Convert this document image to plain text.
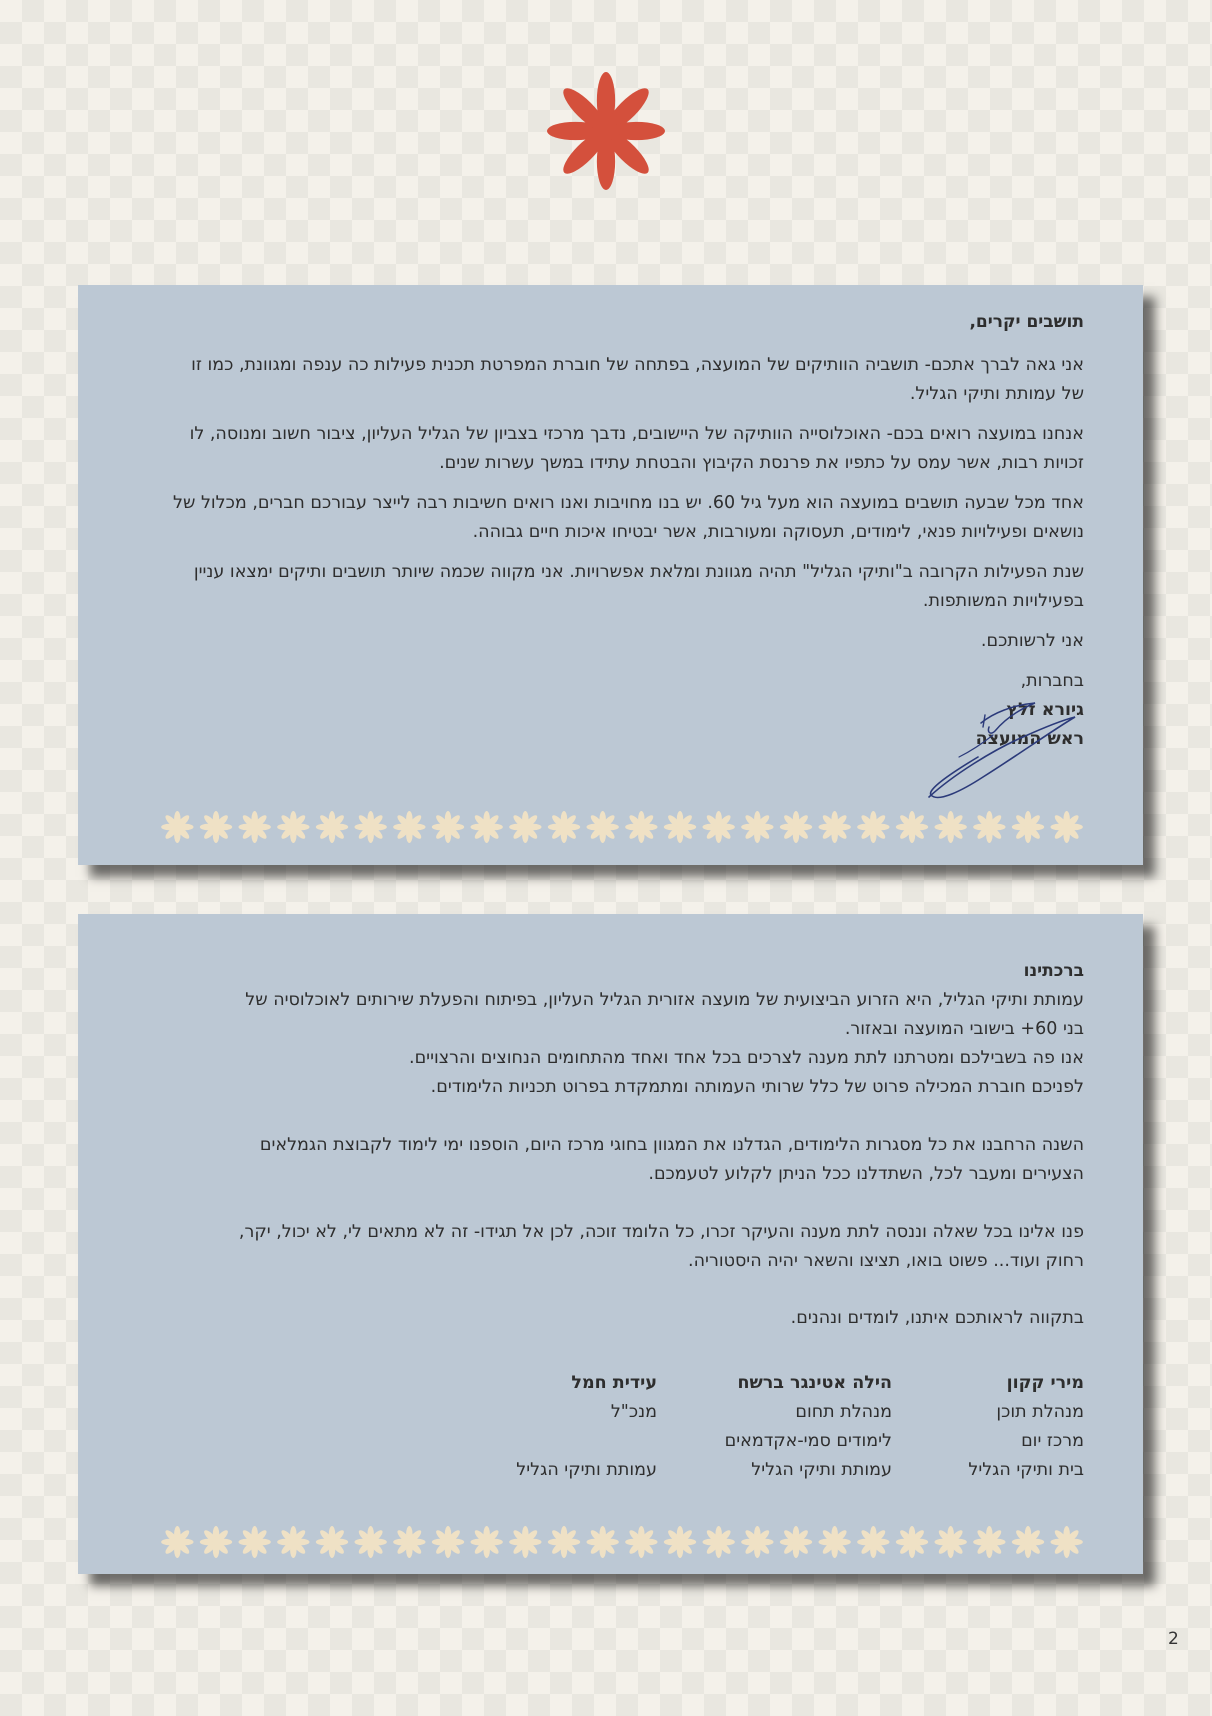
תושבים יקרים,

אני גאה לברך אתכם- תושביה הוותיקים של המועצה, בפתחה של חוברת המפרטת תכנית פעילות כה ענפה ומגוונת, כמו זו של עמותת ותיקי הגליל.

אנחנו במועצה רואים בכם- האוכלוסייה הוותיקה של היישובים, נדבך מרכזי בצביון של הגליל העליון, ציבור חשוב ומנוסה, לו זכויות רבות, אשר עמס על כתפיו את פרנסת הקיבוץ והבטחת עתידו במשך עשרות שנים.

אחד מכל שבעה תושבים במועצה הוא מעל גיל 60. יש בנו מחויבות ואנו רואים חשיבות רבה לייצר עבורכם חברים, מכלול של נושאים ופעילויות פנאי, לימודים, תעסוקה ומעורבות, אשר יבטיחו איכות חיים גבוהה.

שנת הפעילות הקרובה ב"ותיקי הגליל" תהיה מגוונת ומלאת אפשרויות. אני מקווה שכמה שיותר תושבים ותיקים ימצאו עניין בפעילויות המשותפות.

אני לרשותכם.

בחברות,

גיורא זלץ

ראש המועצה

ברכתינו

עמותת ותיקי הגליל, היא הזרוע הביצועית של מועצה אזורית הגליל העליון, בפיתוח והפעלת שירותים לאוכלוסיה של

בני 60+ בישובי המועצה ובאזור.

אנו פה בשבילכם ומטרתנו לתת מענה לצרכים בכל אחד ואחד מהתחומים הנחוצים והרצויים.

לפניכם חוברת המכילה פרוט של כלל שרותי העמותה ומתמקדת בפרוט תכניות הלימודים.

השנה הרחבנו את כל מסגרות הלימודים, הגדלנו את המגוון בחוגי מרכז היום, הוספנו ימי לימוד לקבוצת הגמלאים

הצעירים ומעבר לכל, השתדלנו ככל הניתן לקלוע לטעמכם.

פנו אלינו בכל שאלה וננסה לתת מענה והעיקר זכרו, כל הלומד זוכה, לכן אל תגידו- זה לא מתאים לי, לא יכול, יקר,

רחוק ועוד... פשוט בואו, תציצו והשאר יהיה היסטוריה.

בתקווה לראותכם איתנו, לומדים ונהנים.

מירי קקון
מנהלת תוכן
מרכז יום
בית ותיקי הגליל
הילה אטינגר ברשח
מנהלת תחום
לימודים סמי-אקדמאים
עמותת ותיקי הגליל
עידית חמל
מנכ"ל
עמותת ותיקי הגליל
2
